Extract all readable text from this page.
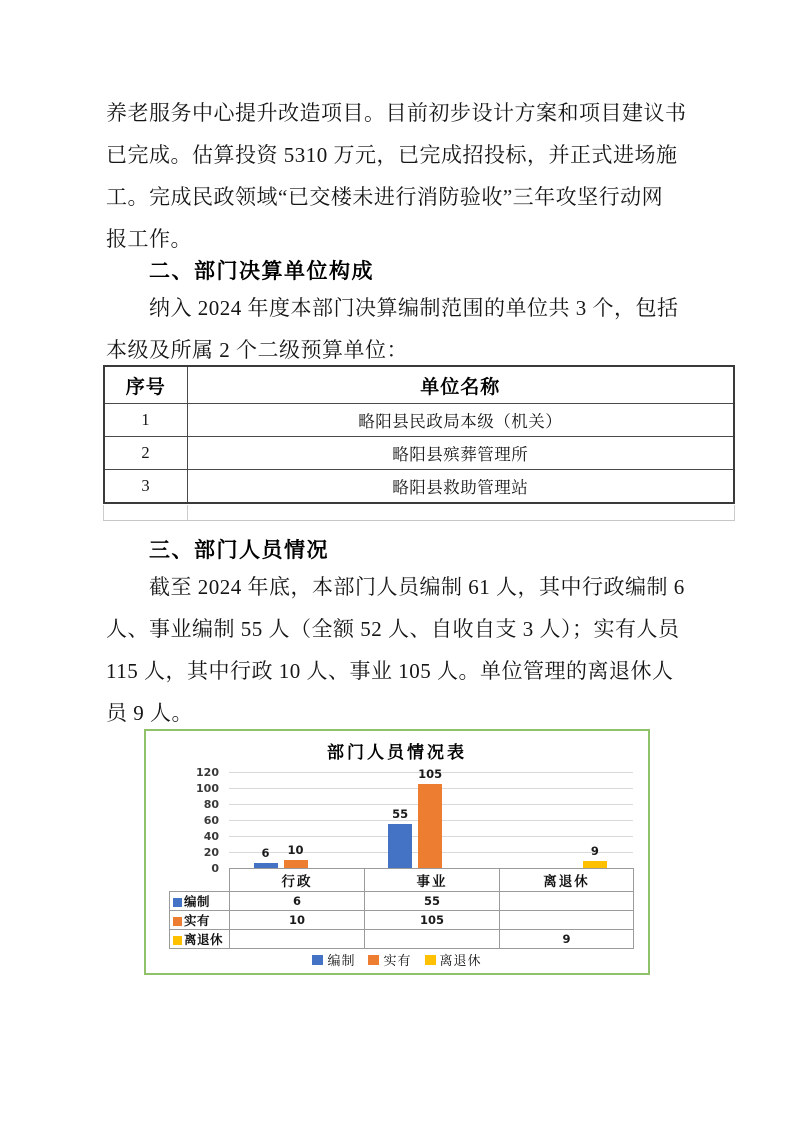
养老服务中心提升改造项目。目前初步设计方案和项目建议书
已完成。估算投资 5310 万元，已完成招投标，并正式进场施
工。完成民政领域“已交楼未进行消防验收”三年攻坚行动网
报工作。
二、部门决算单位构成
纳入 2024 年度本部门决算编制范围的单位共 3 个，包括
本级及所属 2 个二级预算单位：
序号	单位名称
1	略阳县民政局本级（机关）
2	略阳县殡葬管理所
3	略阳县救助管理站
三、部门人员情况
截至 2024 年底，本部门人员编制 61 人，其中行政编制 6
人、事业编制 55 人（全额 52 人、自收自支 3 人）；实有人员
115 人，其中行政 10 人、事业 105 人。单位管理的离退休人
员 9 人。
部门人员情况表
编制 实有 离退休
0
20
40
60
80
100
120
6
55
10
105
9
	行政	事业	离退休
编制	6	55	
实有	10	105	
离退休			9
